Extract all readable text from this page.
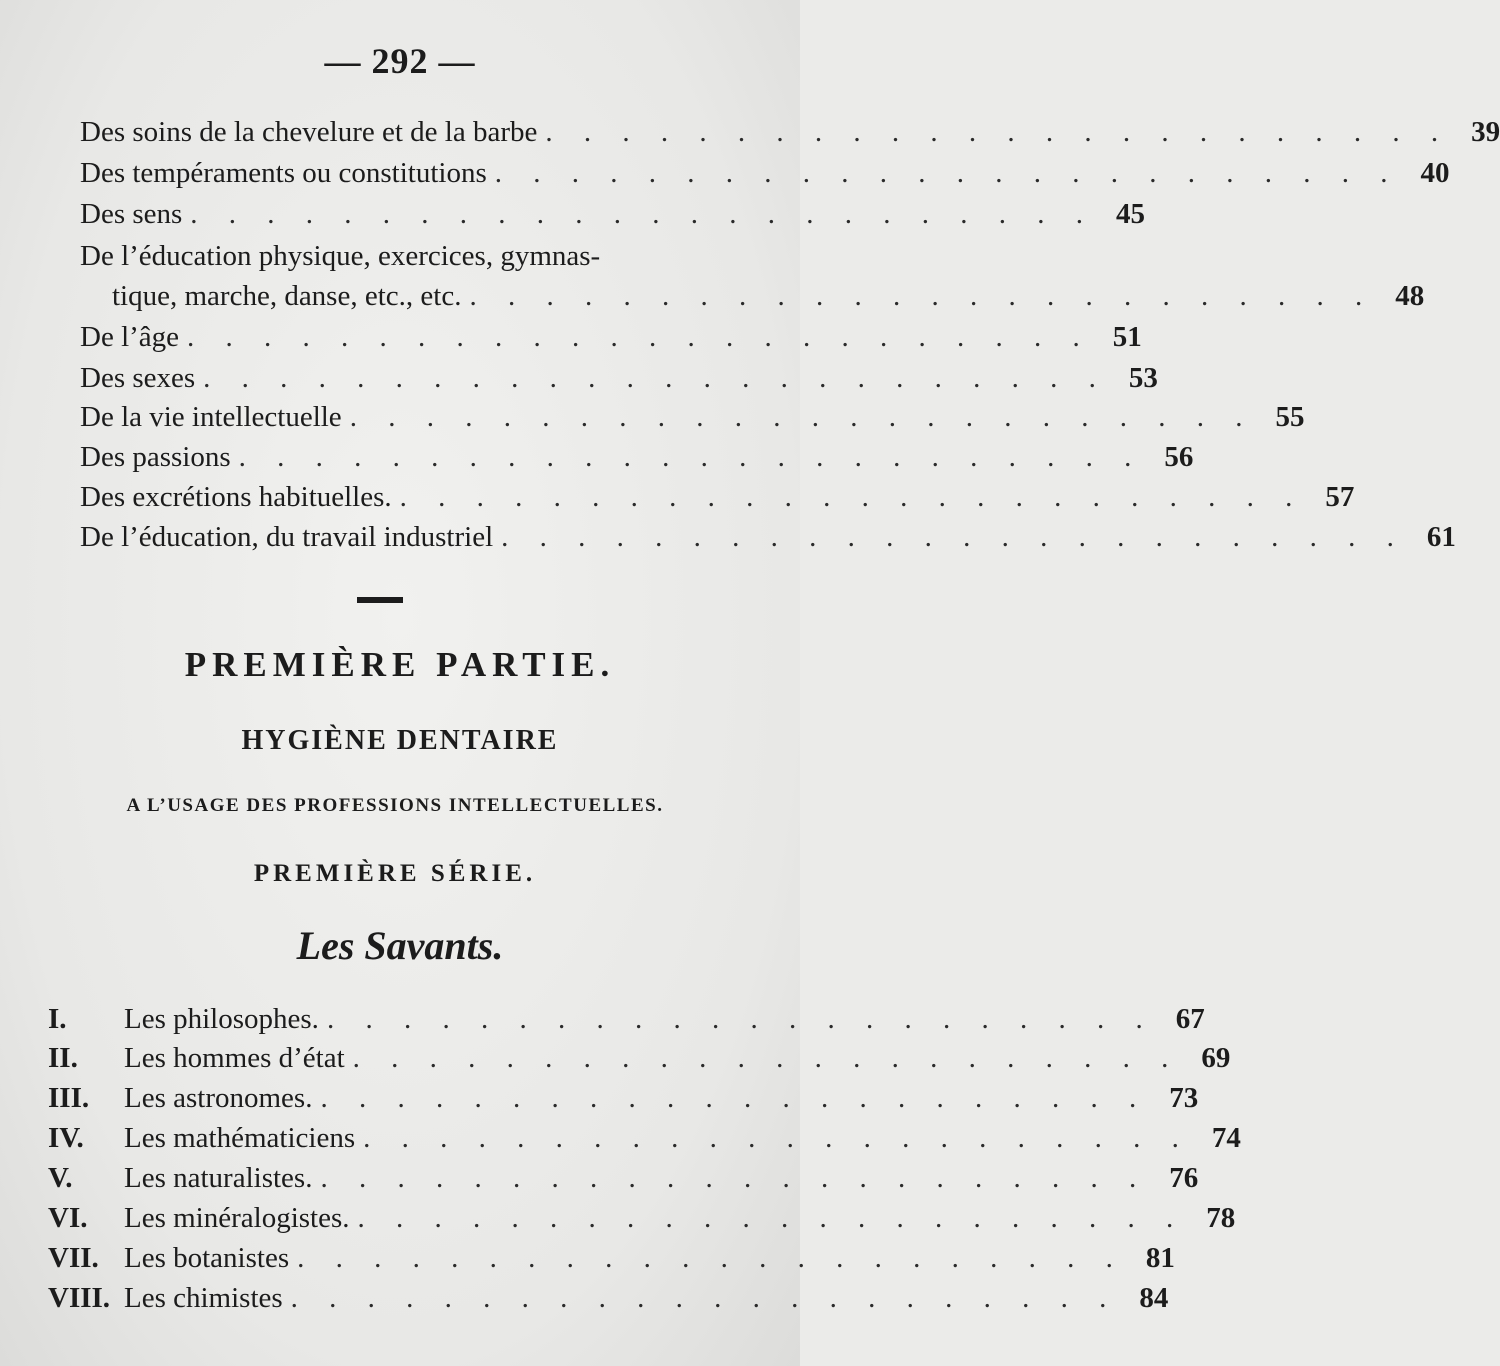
— 292 —
Des soins de la chevelure et de la barbe . . . . . . . . . . . . . . . . . . . . . . . . 39
Des tempéraments ou constitutions . . . . . . . . . . . . . . . . . . . . . . . . 40
Des sens . . . . . . . . . . . . . . . . . . . . . . . . 45
De l’éducation physique, exercices, gymnas-
tique, marche, danse, etc., etc. . . . . . . . . . . . . . . . . . . . . . . . . 48
De l’âge . . . . . . . . . . . . . . . . . . . . . . . . 51
Des sexes . . . . . . . . . . . . . . . . . . . . . . . . 53
De la vie intellectuelle . . . . . . . . . . . . . . . . . . . . . . . . 55
Des passions . . . . . . . . . . . . . . . . . . . . . . . . 56
Des excrétions habituelles. . . . . . . . . . . . . . . . . . . . . . . . . 57
De l’éducation, du travail industriel . . . . . . . . . . . . . . . . . . . . . . . . 61
PREMIÈRE PARTIE.
HYGIÈNE DENTAIRE
A L’USAGE DES PROFESSIONS INTELLECTUELLES.
PREMIÈRE SÉRIE.
Les Savants.
I.	Les philosophes. . . . . . . . . . . . . . . . . . . . . . . 67
II.	Les hommes d’état . . . . . . . . . . . . . . . . . . . . . . 69
III.	Les astronomes. . . . . . . . . . . . . . . . . . . . . . . 73
IV.	Les mathématiciens . . . . . . . . . . . . . . . . . . . . . . 74
V.	Les naturalistes. . . . . . . . . . . . . . . . . . . . . . . 76
VI.	Les minéralogistes. . . . . . . . . . . . . . . . . . . . . . . 78
VII. Les botanistes . . . . . . . . . . . . . . . . . . . . . . 81
VIII. Les chimistes . . . . . . . . . . . . . . . . . . . . . . 84
